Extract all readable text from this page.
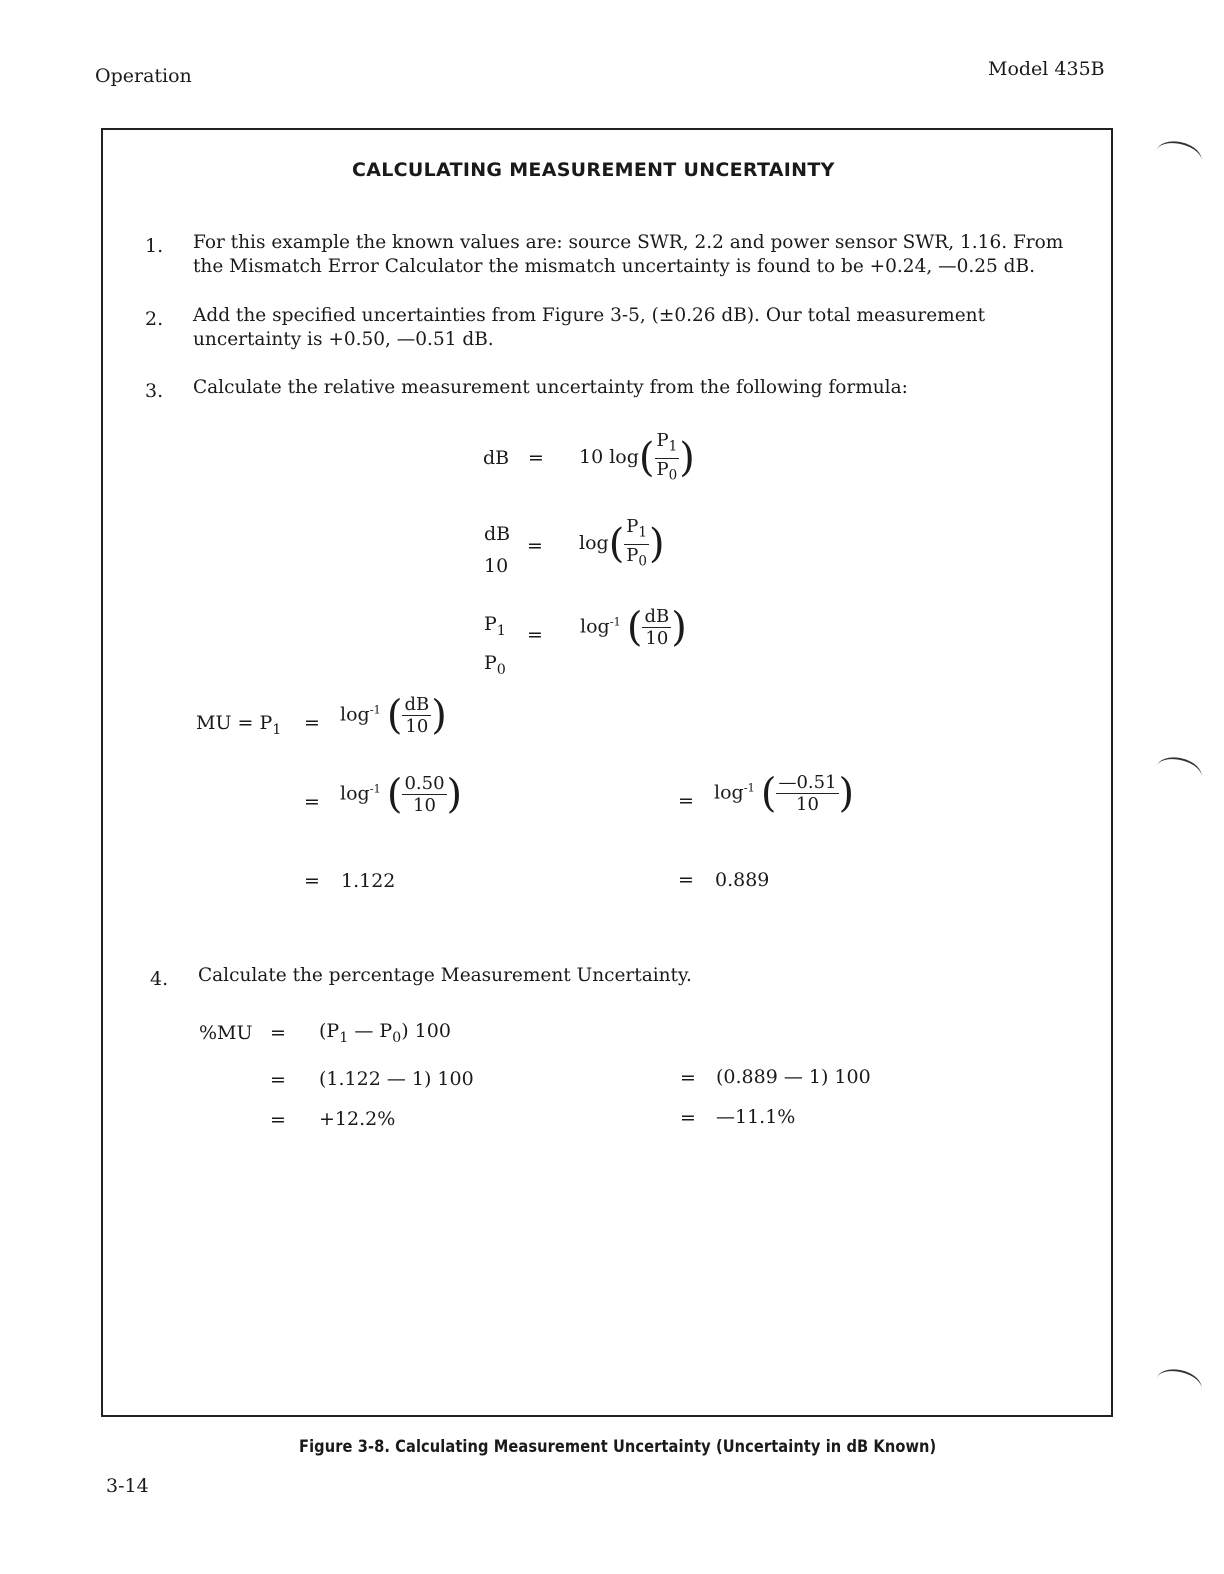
Operation	Model 435B
CALCULATING MEASUREMENT UNCERTAINTY
1. For this example the known values are: source SWR, 2.2 and power sensor SWR, 1.16. From the Mismatch Error Calculator the mismatch uncertainty is found to be +0.24, —0.25 dB.
2. Add the specified uncertainties from Figure 3-5, (±0.26 dB). Our total measurement uncertainty is +0.50, —0.51 dB.
3. Calculate the relative measurement uncertainty from the following formula:
dB = 10 $\log( \frac{P_1}{P_0}$ )
dB
10
= $\log( \frac{P_1}{P_0}$ )
$P_1$
$P_0$
= $\log^{-1}$ ( $\frac{dB}{10}$ )
MU = $P_1 = \log^{-1}$ ( $\frac{dB}{10}$ )
= $\log^{-1}$ ( $\frac{0.50}{10}$ )	= $\log^{-1}$ ( $\frac{—0.51}{10}$ )
= 1.122	= 0.889
4. Calculate the percentage Measurement Uncertainty.
$\%MU = (P_1$ — $P_0$) 100
= (1.122 — 1) 100	= (0.889 — 1) 100
= +12.2%	= —11.1%
Figure 3-8. Calculating Measurement Uncertainty (Uncertainty in dB Known)
3-14
